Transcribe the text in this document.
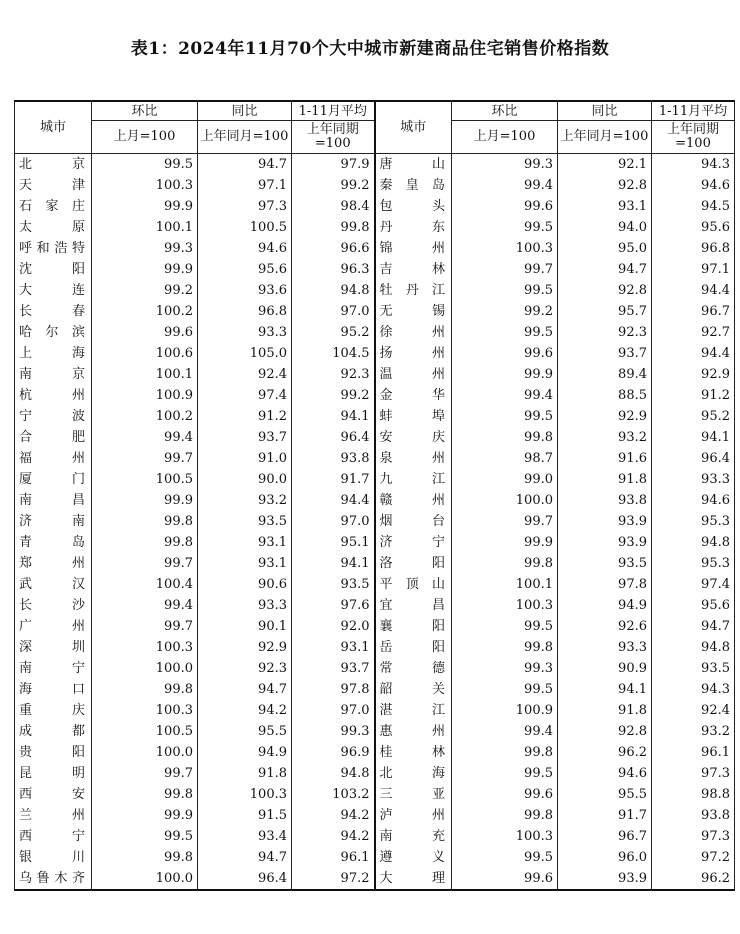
表1：2024年11月70个大中城市新建商品住宅销售价格指数
城市	环比	同比	1-11月平均	城市	环比	同比	1-11月平均
	上月=100	上年同月=100	上年同期=100		上月=100	上年同月=100	上年同期=100
北京	99.5	94.7	97.9	唐山	99.3	92.1	94.3
天津	100.3	97.1	99.2	秦皇岛	99.4	92.8	94.6
石家庄	99.9	97.3	98.4	包头	99.6	93.1	94.5
太原	100.1	100.5	99.8	丹东	99.5	94.0	95.6
呼和浩特	99.3	94.6	96.6	锦州	100.3	95.0	96.8
沈阳	99.9	95.6	96.3	吉林	99.7	94.7	97.1
大连	99.2	93.6	94.8	牡丹江	99.5	92.8	94.4
长春	100.2	96.8	97.0	无锡	99.2	95.7	96.7
哈尔滨	99.6	93.3	95.2	徐州	99.5	92.3	92.7
上海	100.6	105.0	104.5	扬州	99.6	93.7	94.4
南京	100.1	92.4	92.3	温州	99.9	89.4	92.9
杭州	100.9	97.4	99.2	金华	99.4	88.5	91.2
宁波	100.2	91.2	94.1	蚌埠	99.5	92.9	95.2
合肥	99.4	93.7	96.4	安庆	99.8	93.2	94.1
福州	99.7	91.0	93.8	泉州	98.7	91.6	96.4
厦门	100.5	90.0	91.7	九江	99.0	91.8	93.3
南昌	99.9	93.2	94.4	赣州	100.0	93.8	94.6
济南	99.8	93.5	97.0	烟台	99.7	93.9	95.3
青岛	99.8	93.1	95.1	济宁	99.9	93.9	94.8
郑州	99.7	93.1	94.1	洛阳	99.8	93.5	95.3
武汉	100.4	90.6	93.5	平顶山	100.1	97.8	97.4
长沙	99.4	93.3	97.6	宜昌	100.3	94.9	95.6
广州	99.7	90.1	92.0	襄阳	99.5	92.6	94.7
深圳	100.3	92.9	93.1	岳阳	99.8	93.3	94.8
南宁	100.0	92.3	93.7	常德	99.3	90.9	93.5
海口	99.8	94.7	97.8	韶关	99.5	94.1	94.3
重庆	100.3	94.2	97.0	湛江	100.9	91.8	92.4
成都	100.5	95.5	99.3	惠州	99.4	92.8	93.2
贵阳	100.0	94.9	96.9	桂林	99.8	96.2	96.1
昆明	99.7	91.8	94.8	北海	99.5	94.6	97.3
西安	99.8	100.3	103.2	三亚	99.6	95.5	98.8
兰州	99.9	91.5	94.2	泸州	99.8	91.7	93.8
西宁	99.5	93.4	94.2	南充	100.3	96.7	97.3
银川	99.8	94.7	96.1	遵义	99.5	96.0	97.2
乌鲁木齐	100.0	96.4	97.2	大理	99.6	93.9	96.2
